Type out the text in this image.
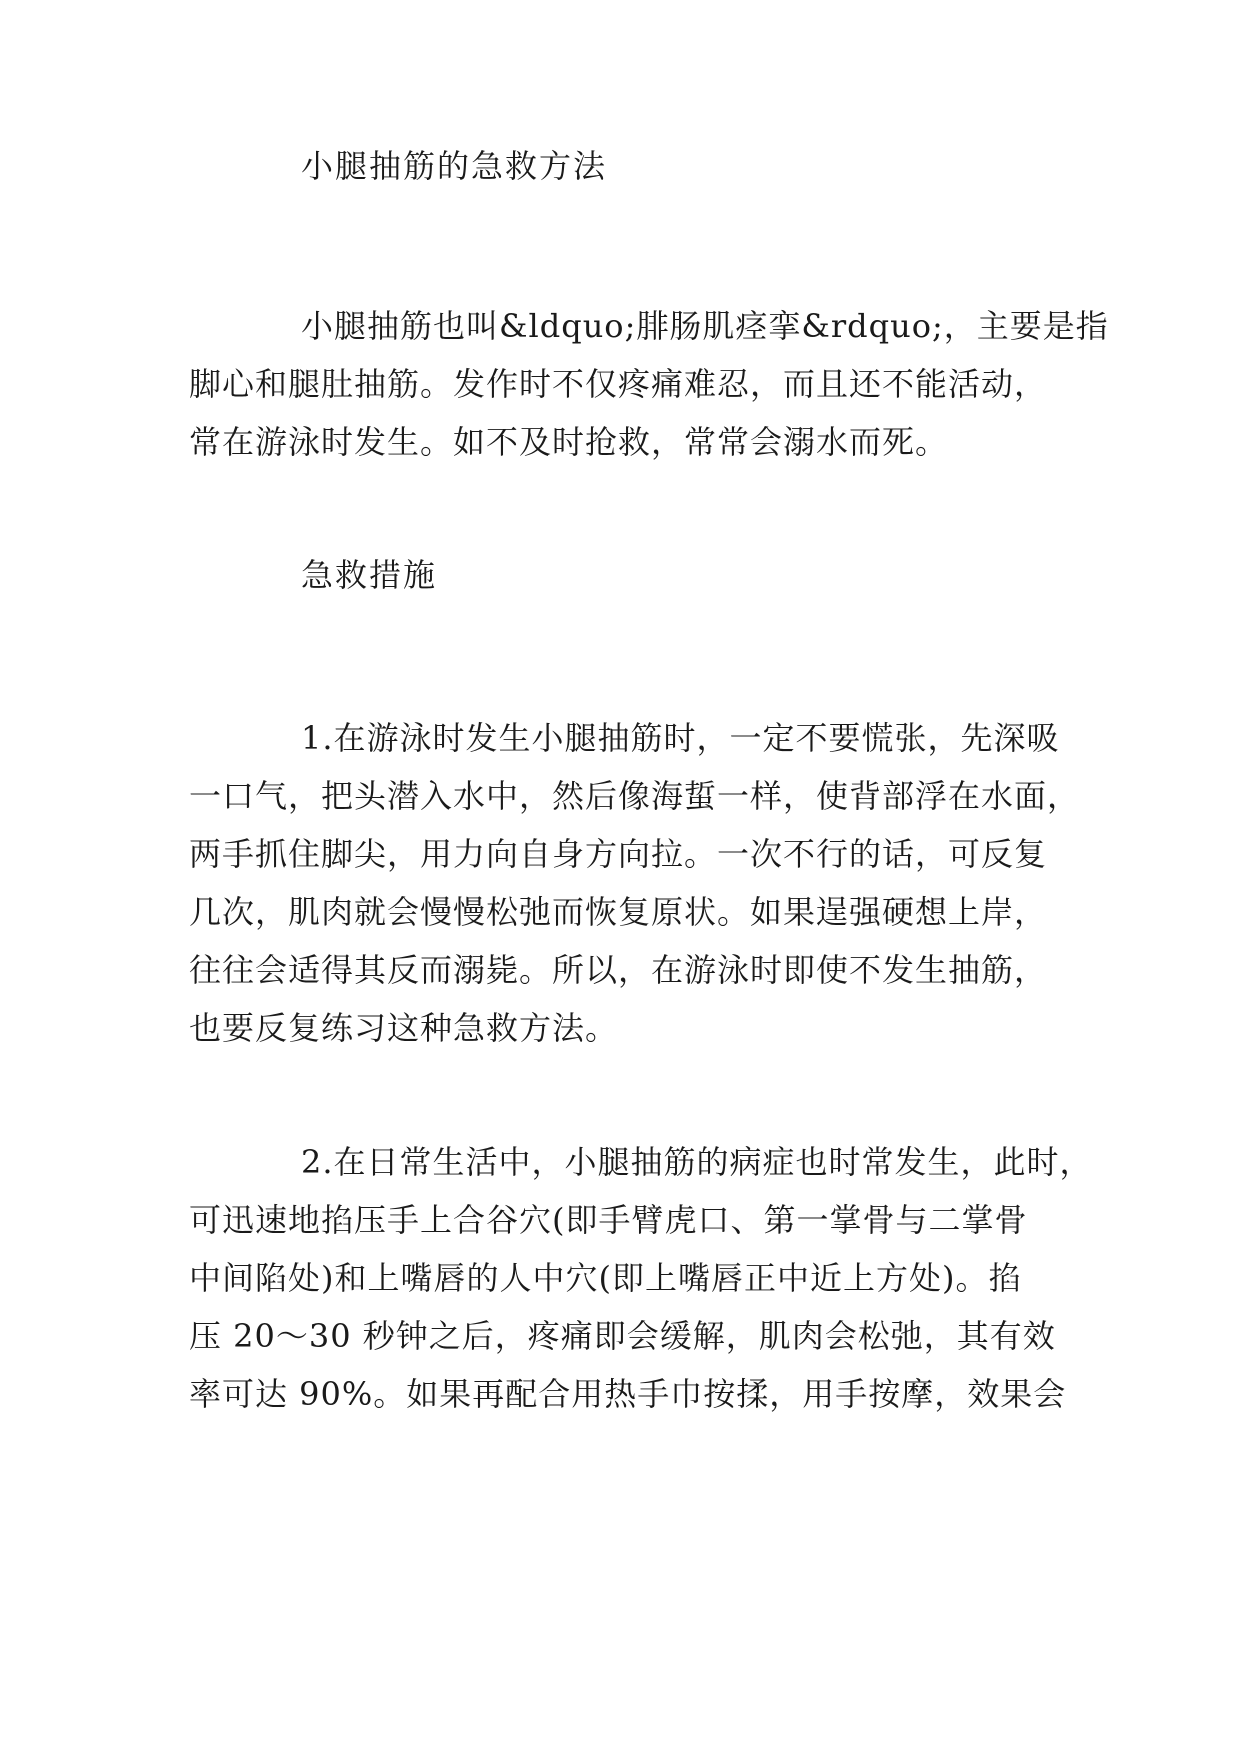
小腿抽筋的急救方法
小腿抽筋也叫&ldquo;腓肠肌痉挛&rdquo;，主要是指
脚心和腿肚抽筋。发作时不仅疼痛难忍，而且还不能活动，
常在游泳时发生。如不及时抢救，常常会溺水而死。
急救措施
1.在游泳时发生小腿抽筋时，一定不要慌张，先深吸
一口气，把头潜入水中，然后像海蜇一样，使背部浮在水面，
两手抓住脚尖，用力向自身方向拉。一次不行的话，可反复
几次，肌肉就会慢慢松弛而恢复原状。如果逞强硬想上岸，
往往会适得其反而溺毙。所以，在游泳时即使不发生抽筋，
也要反复练习这种急救方法。
2.在日常生活中，小腿抽筋的病症也时常发生，此时，
可迅速地掐压手上合谷穴(即手臂虎口、第一掌骨与二掌骨
中间陷处)和上嘴唇的人中穴(即上嘴唇正中近上方处)。掐
压 20～30 秒钟之后，疼痛即会缓解，肌肉会松弛，其有效
率可达 90%。如果再配合用热手巾按揉，用手按摩，效果会
